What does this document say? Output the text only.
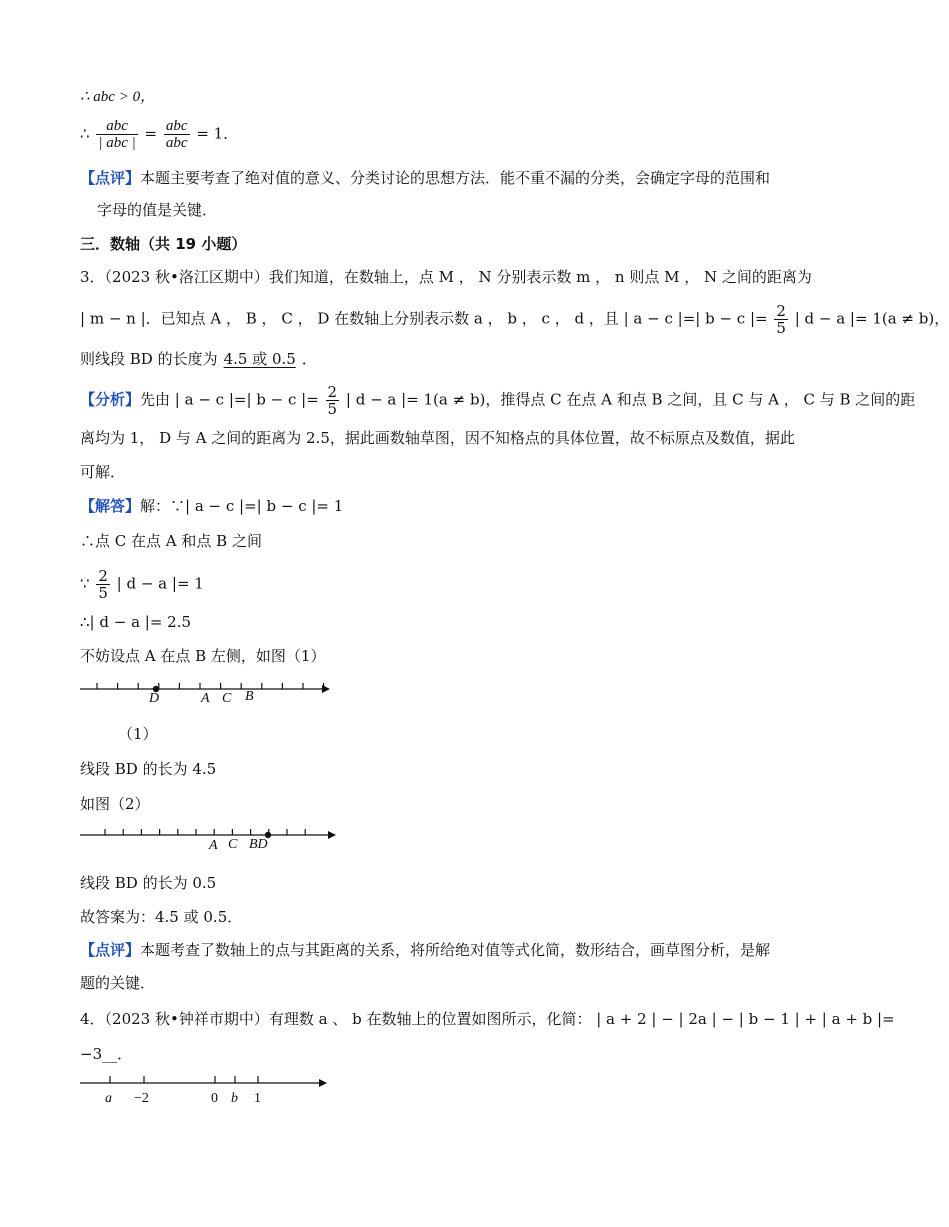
∴ abc > 0，
∴ $\frac{\text{abc}}{\text{| abc |}} = \frac{\text{abc}}{\text{abc}} = 1$．
【点评】本题主要考查了绝对值的意义、分类讨论的思想方法．能不重不漏的分类，会确定字母的范围和
字母的值是关键．
三．数轴（共 19 小题）
3．（2023 秋•洛江区期中）我们知道，在数轴上，点 M ， N 分别表示数 m ， n 则点 M ， N 之间的距离为
| m − n |．已知点 A ， B ， C ， D 在数轴上分别表示数 a ， b ， c ， d ，且 | a − c |=| b − c |= $\frac{2}{5}$ | d − a |= 1(a ≠ b)，
则线段 BD 的长度为 4.5 或 0.5 ．
【分析】先由 | a − c |=| b − c |= $\frac{2}{5}$ | d − a |= 1(a ≠ b)，推得点 C 在点 A 和点 B 之间，且 C 与 A ， C 与 B 之间的距
离均为 1， D 与 A 之间的距离为 2.5，据此画数轴草图，因不知格点的具体位置，故不标原点及数值，据此
可解．
【解答】解：∵| a − c |=| b − c |= 1
∴点 C 在点 A 和点 B 之间
∵ $\frac{2}{5}$ | d − a |= 1
∴| d − a |= 2.5
不妨设点 A 在点 B 左侧，如图（1）
D	A C B
（1）
线段 BD 的长为 4.5
如图（2）
A C BD
线段 BD 的长为 0.5
故答案为：4.5 或 0.5．
【点评】本题考查了数轴上的点与其距离的关系，将所给绝对值等式化简，数形结合，画草图分析，是解
题的关键．
4．（2023 秋•钟祥市期中）有理数 a 、 b 在数轴上的位置如图所示，化简： | a + 2 | − | 2a | − | b − 1 | + | a + b |=
−3__．
a −2	0 b 1
